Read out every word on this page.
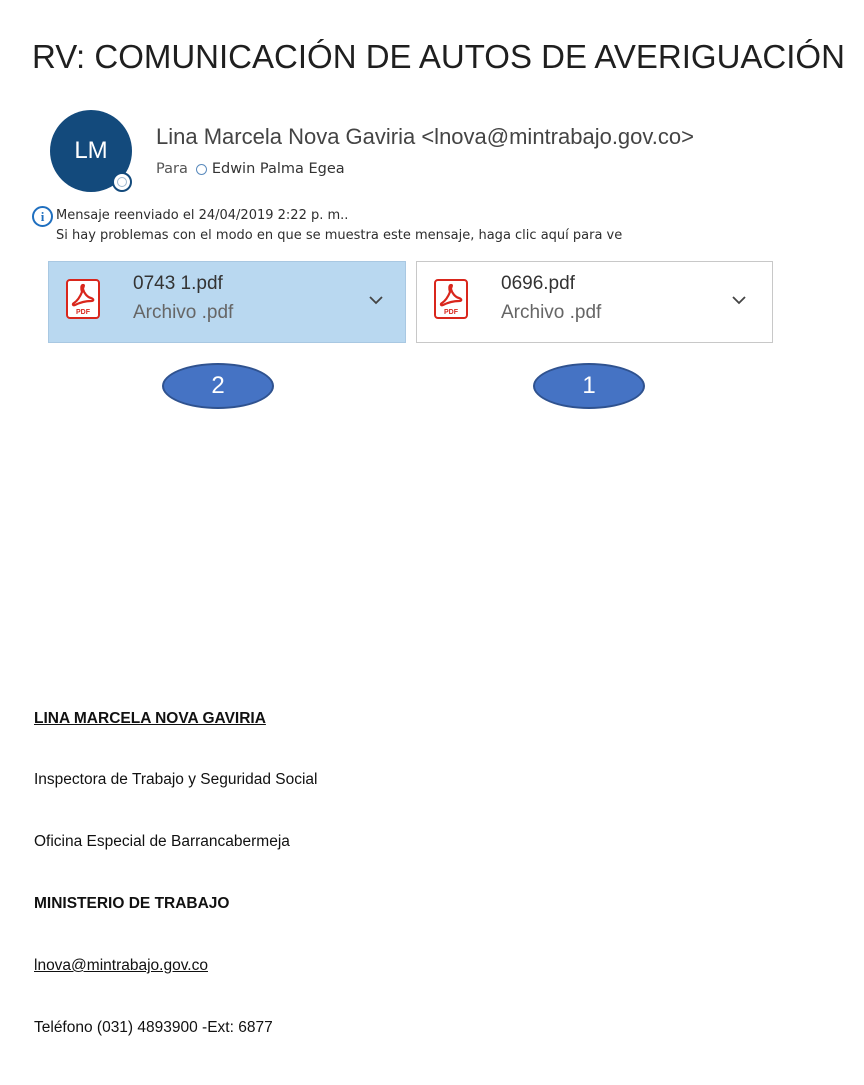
RV: COMUNICACIÓN DE AUTOS DE AVERIGUACIÓN
LM
Lina Marcela Nova Gaviria <lnova@mintrabajo.gov.co>
Para Edwin Palma Egea
i Mensaje reenviado el 24/04/2019 2:22 p. m..
Si hay problemas con el modo en que se muestra este mensaje, haga clic aquí para ve
PDF
0743 1.pdf
Archivo .pdf	PDF
0696.pdf
Archivo .pdf
2	1
LINA MARCELA NOVA GAVIRIA
Inspectora de Trabajo y Seguridad Social
Oficina Especial de Barrancabermeja
MINISTERIO DE TRABAJO
lnova@mintrabajo.gov.co
Teléfono (031) 4893900 -Ext: 6877
